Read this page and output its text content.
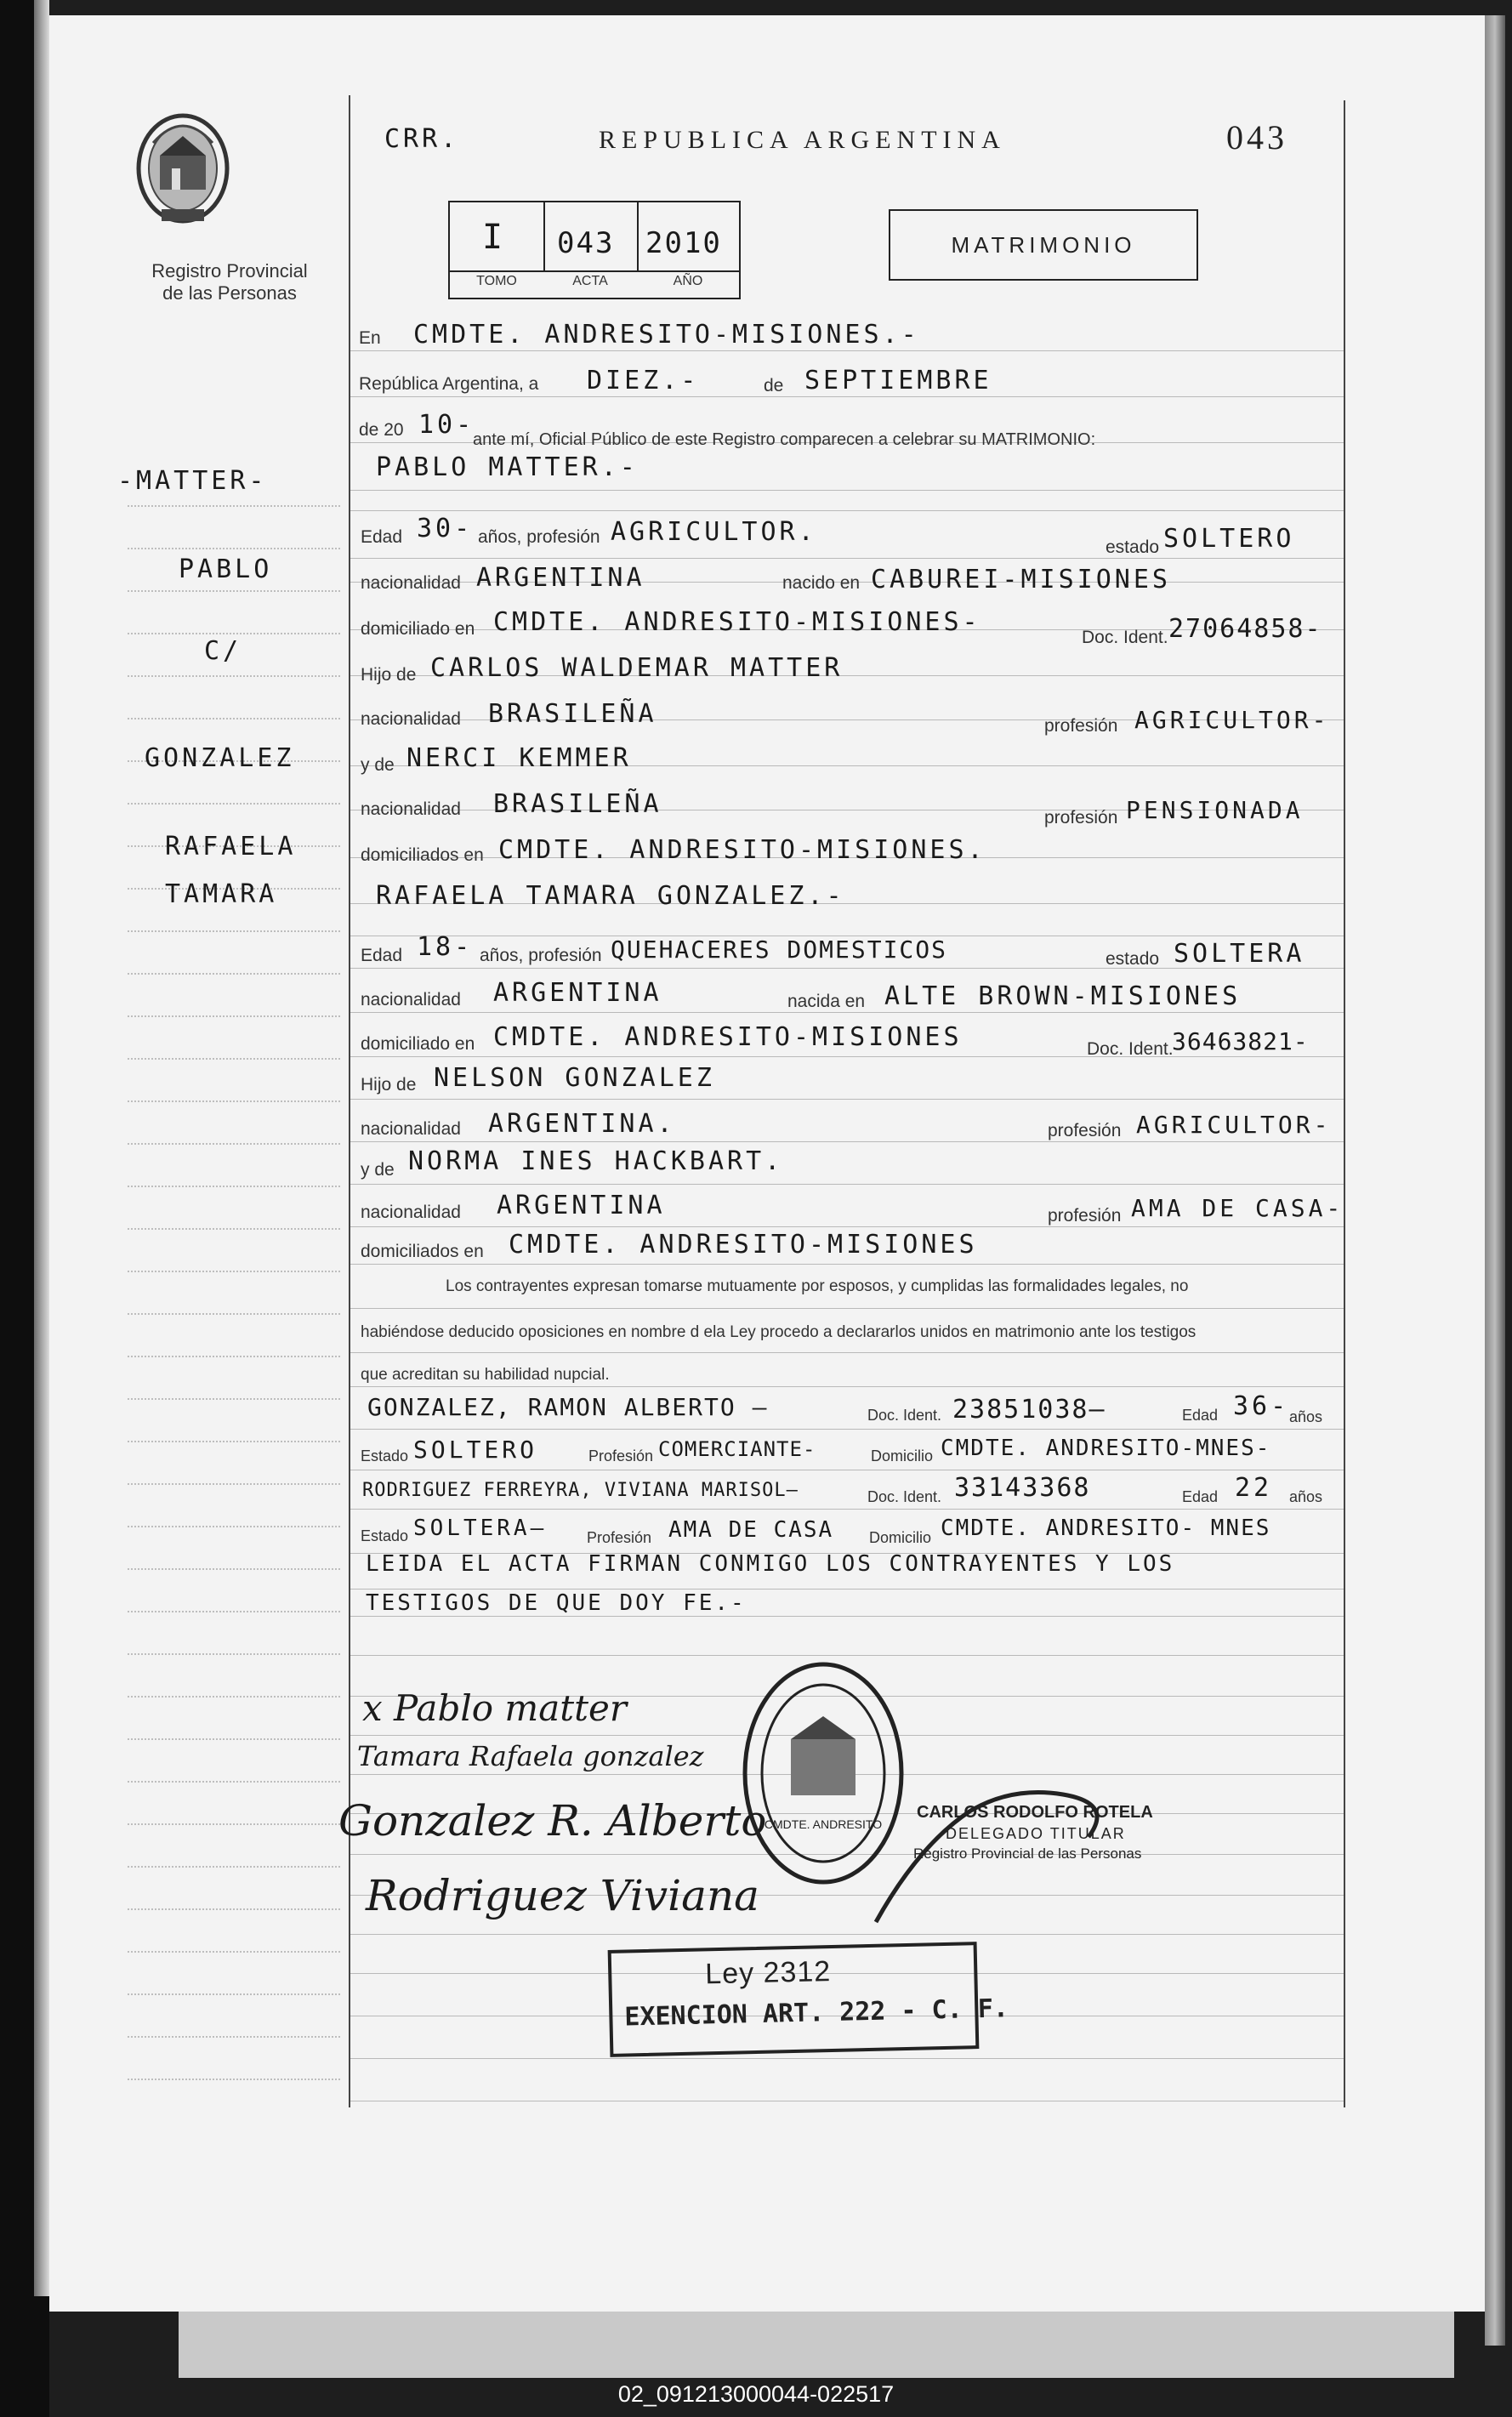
Registro Provincial
de las Personas
CRR.	REPUBLICA ARGENTINA	043
I 043 2010
TOMO	ACTA	AÑO
MATRIMONIO
-MATTER-
PABLO
C/
GONZALEZ
RAFAELA
TAMARA
En CMDTE. ANDRESITO-MISIONES.-
República Argentina, a DIEZ.-	de SEPTIEMBRE
de 20 10-
ante mí, Oficial Público de este Registro comparecen a celebrar su MATRIMONIO:
PABLO MATTER.-
Edad 30- años, profesión AGRICULTOR.
estado SOLTERO
nacionalidad ARGENTINA	nacido en CABUREI-MISIONES
domiciliado en CMDTE. ANDRESITO-MISIONES-
Doc. Ident. 27064858-
Hijo de CARLOS WALDEMAR MATTER
nacionalidad BRASILEÑA	profesión AGRICULTOR-
y de NERCI KEMMER
nacionalidad BRASILEÑA	profesión PENSIONADA
domiciliados en CMDTE. ANDRESITO-MISIONES.
RAFAELA TAMARA GONZALEZ.-
Edad 18- años, profesión QUEHACERES DOMESTICOS	estado SOLTERA
nacionalidad ARGENTINA	nacida en ALTE BROWN-MISIONES
domiciliado en CMDTE. ANDRESITO-MISIONES	Doc. Ident.
36463821-
Hijo de NELSON GONZALEZ
nacionalidad ARGENTINA.	profesión AGRICULTOR-
y de NORMA INES HACKBART.
nacionalidad ARGENTINA	profesión AMA DE CASA-
domiciliados en CMDTE. ANDRESITO-MISIONES
Los contrayentes expresan tomarse mutuamente por esposos, y cumplidas las formalidades legales, no
habiéndose deducido oposiciones en nombre d ela Ley procedo a declararlos unidos en matrimonio ante los testigos
que acreditan su habilidad nupcial.
GONZALEZ, RAMON ALBERTO —	Doc. Ident. 23851038—	Edad 36- años
Estado SOLTERO	Profesión COMERCIANTE-	Domicilio CMDTE. ANDRESITO-MNES-
RODRIGUEZ FERREYRA, VIVIANA MARISOL—	Doc. Ident. 33143368	Edad 22 años
Estado SOLTERA—	Profesión AMA DE CASA Domicilio CMDTE. ANDRESITO- MNES
LEIDA EL ACTA FIRMAN CONMIGO LOS CONTRAYENTES Y LOS
TESTIGOS DE QUE DOY FE.-
x Pablo matter
Tamara Rafaela gonzalez
Gonzalez R. Alberto
Rodriguez Viviana
CMDTE. ANDRESITO
CARLOS RODOLFO ROTELA
DELEGADO TITULAR
Registro Provincial de las Personas
Ley 2312
EXENCION ART. 222 - C. F.
02_091213000044-022517
